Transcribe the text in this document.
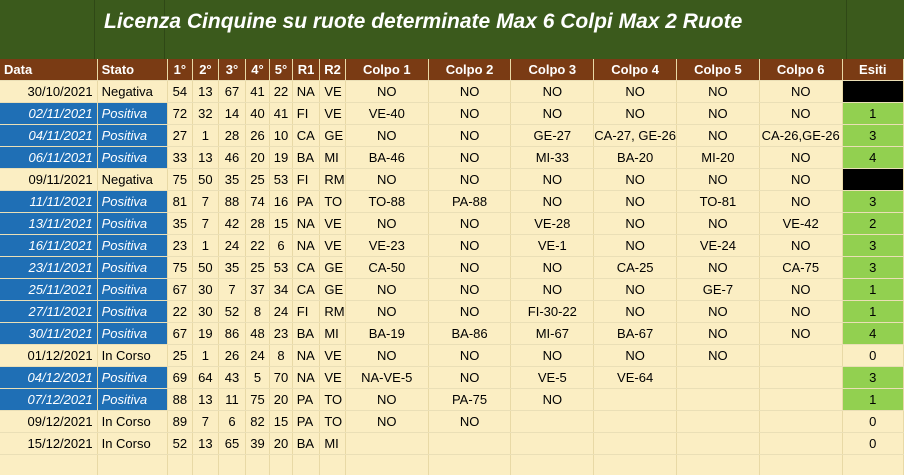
Licenza Cinquine su ruote determinate Max 6 Colpi Max 2 Ruote
Data	Stato	1°	2°	3°	4°	5°	R1	R2	Colpo 1	Colpo 2	Colpo 3	Colpo 4	Colpo 5	Colpo 6	Esiti
30/10/2021	Negativa	54	13	67	41	22	NA	VE	NO	NO	NO	NO	NO	NO	
02/11/2021	Positiva	72	32	14	40	41	FI	VE	VE-40	NO	NO	NO	NO	NO	1
04/11/2021	Positiva	27	1	28	26	10	CA	GE	NO	NO	GE-27	CA-27, GE-26	NO	CA-26,GE-26	3
06/11/2021	Positiva	33	13	46	20	19	BA	MI	BA-46	NO	MI-33	BA-20	MI-20	NO	4
09/11/2021	Negativa	75	50	35	25	53	FI	RM	NO	NO	NO	NO	NO	NO	
11/11/2021	Positiva	81	7	88	74	16	PA	TO	TO-88	PA-88	NO	NO	TO-81	NO	3
13/11/2021	Positiva	35	7	42	28	15	NA	VE	NO	NO	VE-28	NO	NO	VE-42	2
16/11/2021	Positiva	23	1	24	22	6	NA	VE	VE-23	NO	VE-1	NO	VE-24	NO	3
23/11/2021	Positiva	75	50	35	25	53	CA	GE	CA-50	NO	NO	CA-25	NO	CA-75	3
25/11/2021	Positiva	67	30	7	37	34	CA	GE	NO	NO	NO	NO	GE-7	NO	1
27/11/2021	Positiva	22	30	52	8	24	FI	RM	NO	NO	FI-30-22	NO	NO	NO	1
30/11/2021	Positiva	67	19	86	48	23	BA	MI	BA-19	BA-86	MI-67	BA-67	NO	NO	4
01/12/2021	In Corso	25	1	26	24	8	NA	VE	NO	NO	NO	NO	NO		0
04/12/2021	Positiva	69	64	43	5	70	NA	VE	NA-VE-5	NO	VE-5	VE-64			3
07/12/2021	Positiva	88	13	11	75	20	PA	TO	NO	PA-75	NO				1
09/12/2021	In Corso	89	7	6	82	15	PA	TO	NO	NO					0
15/12/2021	In Corso	52	13	65	39	20	BA	MI							0
